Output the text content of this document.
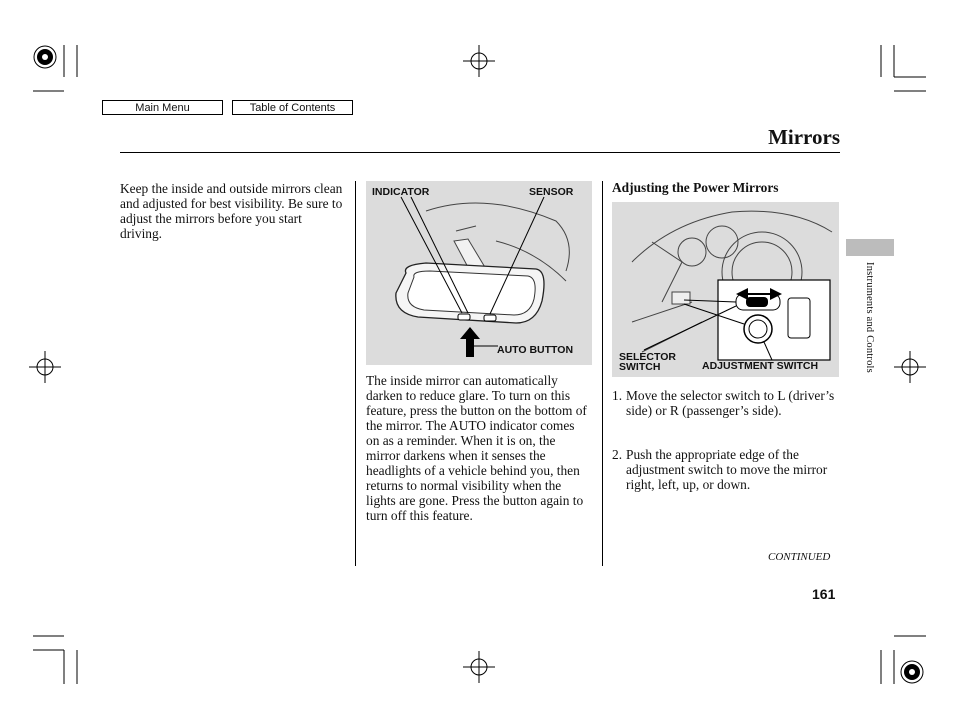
Main Menu	Table of Contents
Mirrors
Keep the inside and outside mirrors clean and adjusted for best visibility. Be sure to adjust the mirrors before you start driving.
INDICATOR	SENSOR
AUTO BUTTON
The inside mirror can automatically darken to reduce glare. To turn on this feature, press the button on the bottom of the mirror. The AUTO indicator comes on as a reminder. When it is on, the mirror darkens when it senses the headlights of a vehicle behind you, then returns to normal visibility when the lights are gone. Press the button again to turn off this feature.
Adjusting the Power Mirrors
SELECTOR
SWITCH	ADJUSTMENT SWITCH
1. Move the selector switch to L (driver’s side) or R (passenger’s side).
2. Push the appropriate edge of the adjustment switch to move the mirror right, left, up, or down.
Instruments and Controls
CONTINUED
161
